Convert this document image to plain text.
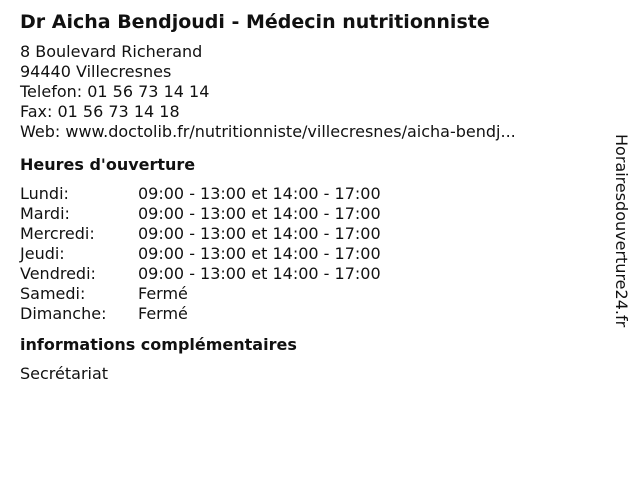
Dr Aicha Bendjoudi - Médecin nutritionniste
8 Boulevard Richerand
94440 Villecresnes
Telefon: 01 56 73 14 14
Fax: 01 56 73 14 18
Web: www.doctolib.fr/nutritionniste/villecresnes/aicha-bendj...
Heures d'ouverture
Lundi:	09:00 - 13:00 et 14:00 - 17:00
Mardi:	09:00 - 13:00 et 14:00 - 17:00
Mercredi:	09:00 - 13:00 et 14:00 - 17:00
Jeudi:	09:00 - 13:00 et 14:00 - 17:00
Vendredi:	09:00 - 13:00 et 14:00 - 17:00
Samedi:	Fermé
Dimanche:	Fermé
informations complémentaires
Secrétariat
Horairesdouverture24.fr
